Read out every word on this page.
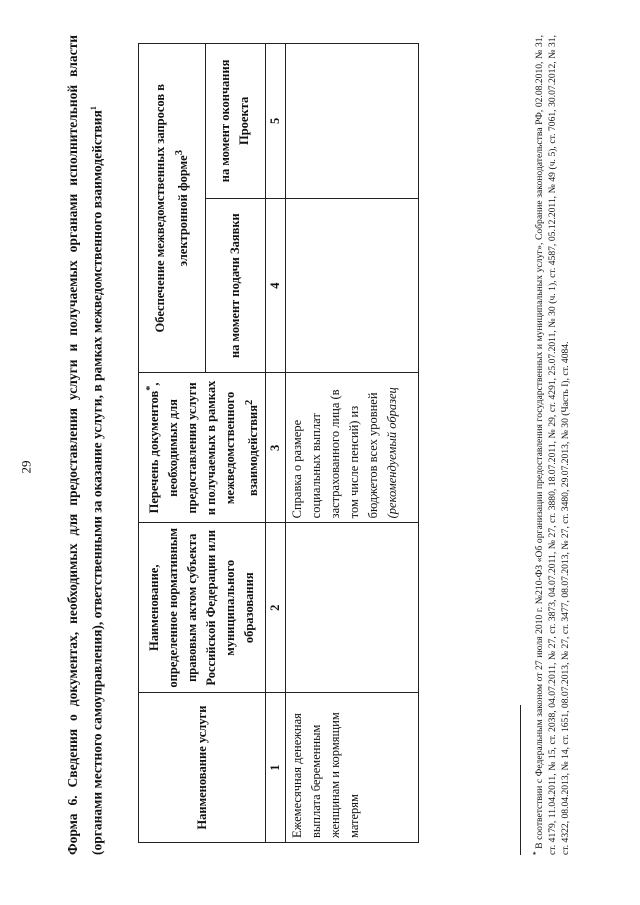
29 Форма 6. Сведения о документах, необходимых для предоставления услуги и получаемых органами исполнительной власти (органами местного самоуправления), ответственными за оказание услуги, в рамках межведомственного взаимодействия$^1$
Наименование услуги	Наименование, определенное нормативным правовым актом субъекта Российской Федерации или муниципального образования	Перечень документов*, необходимых для предоставления услуги и получаемых в рамках межведомственного взаимодействия$^2$	Обеспечение межведомственных запросов в электронной форме$^3$
			на момент подачи Заявки	на момент окончания Проекта
1	2	3	4	5
Ежемесячная денежная выплата беременным женщинам и кормящим матерям		Справка о размере социальных выплат застрахованного лица (в том числе пенсий) из бюджетов всех уровней (рекомендуемый образец		
* В соответствии с Федеральным законом от 27 июля 2010 г. №210-ФЗ «Об организации предоставления государственных и муниципальных услуг», Собрание законодательства РФ, 02.08.2010, № 31, ст. 4179, 11.04.2011, № 15, ст. 2038, 04.07.2011, № 27, ст. 3873, 04.07.2011, № 27, ст. 3880, 18.07.2011, № 29, ст. 4291, 25.07.2011, № 30 (ч. 1), ст. 4587, 05.12.2011, № 49 (ч. 5), ст. 7061, 30.07.2012, № 31, ст. 4322, 08.04.2013, № 14, ст. 1651, 08.07.2013, № 27, ст. 3477, 08.07.2013, № 27, ст. 3480, 29.07.2013, № 30 (Часть I), ст. 4084.
